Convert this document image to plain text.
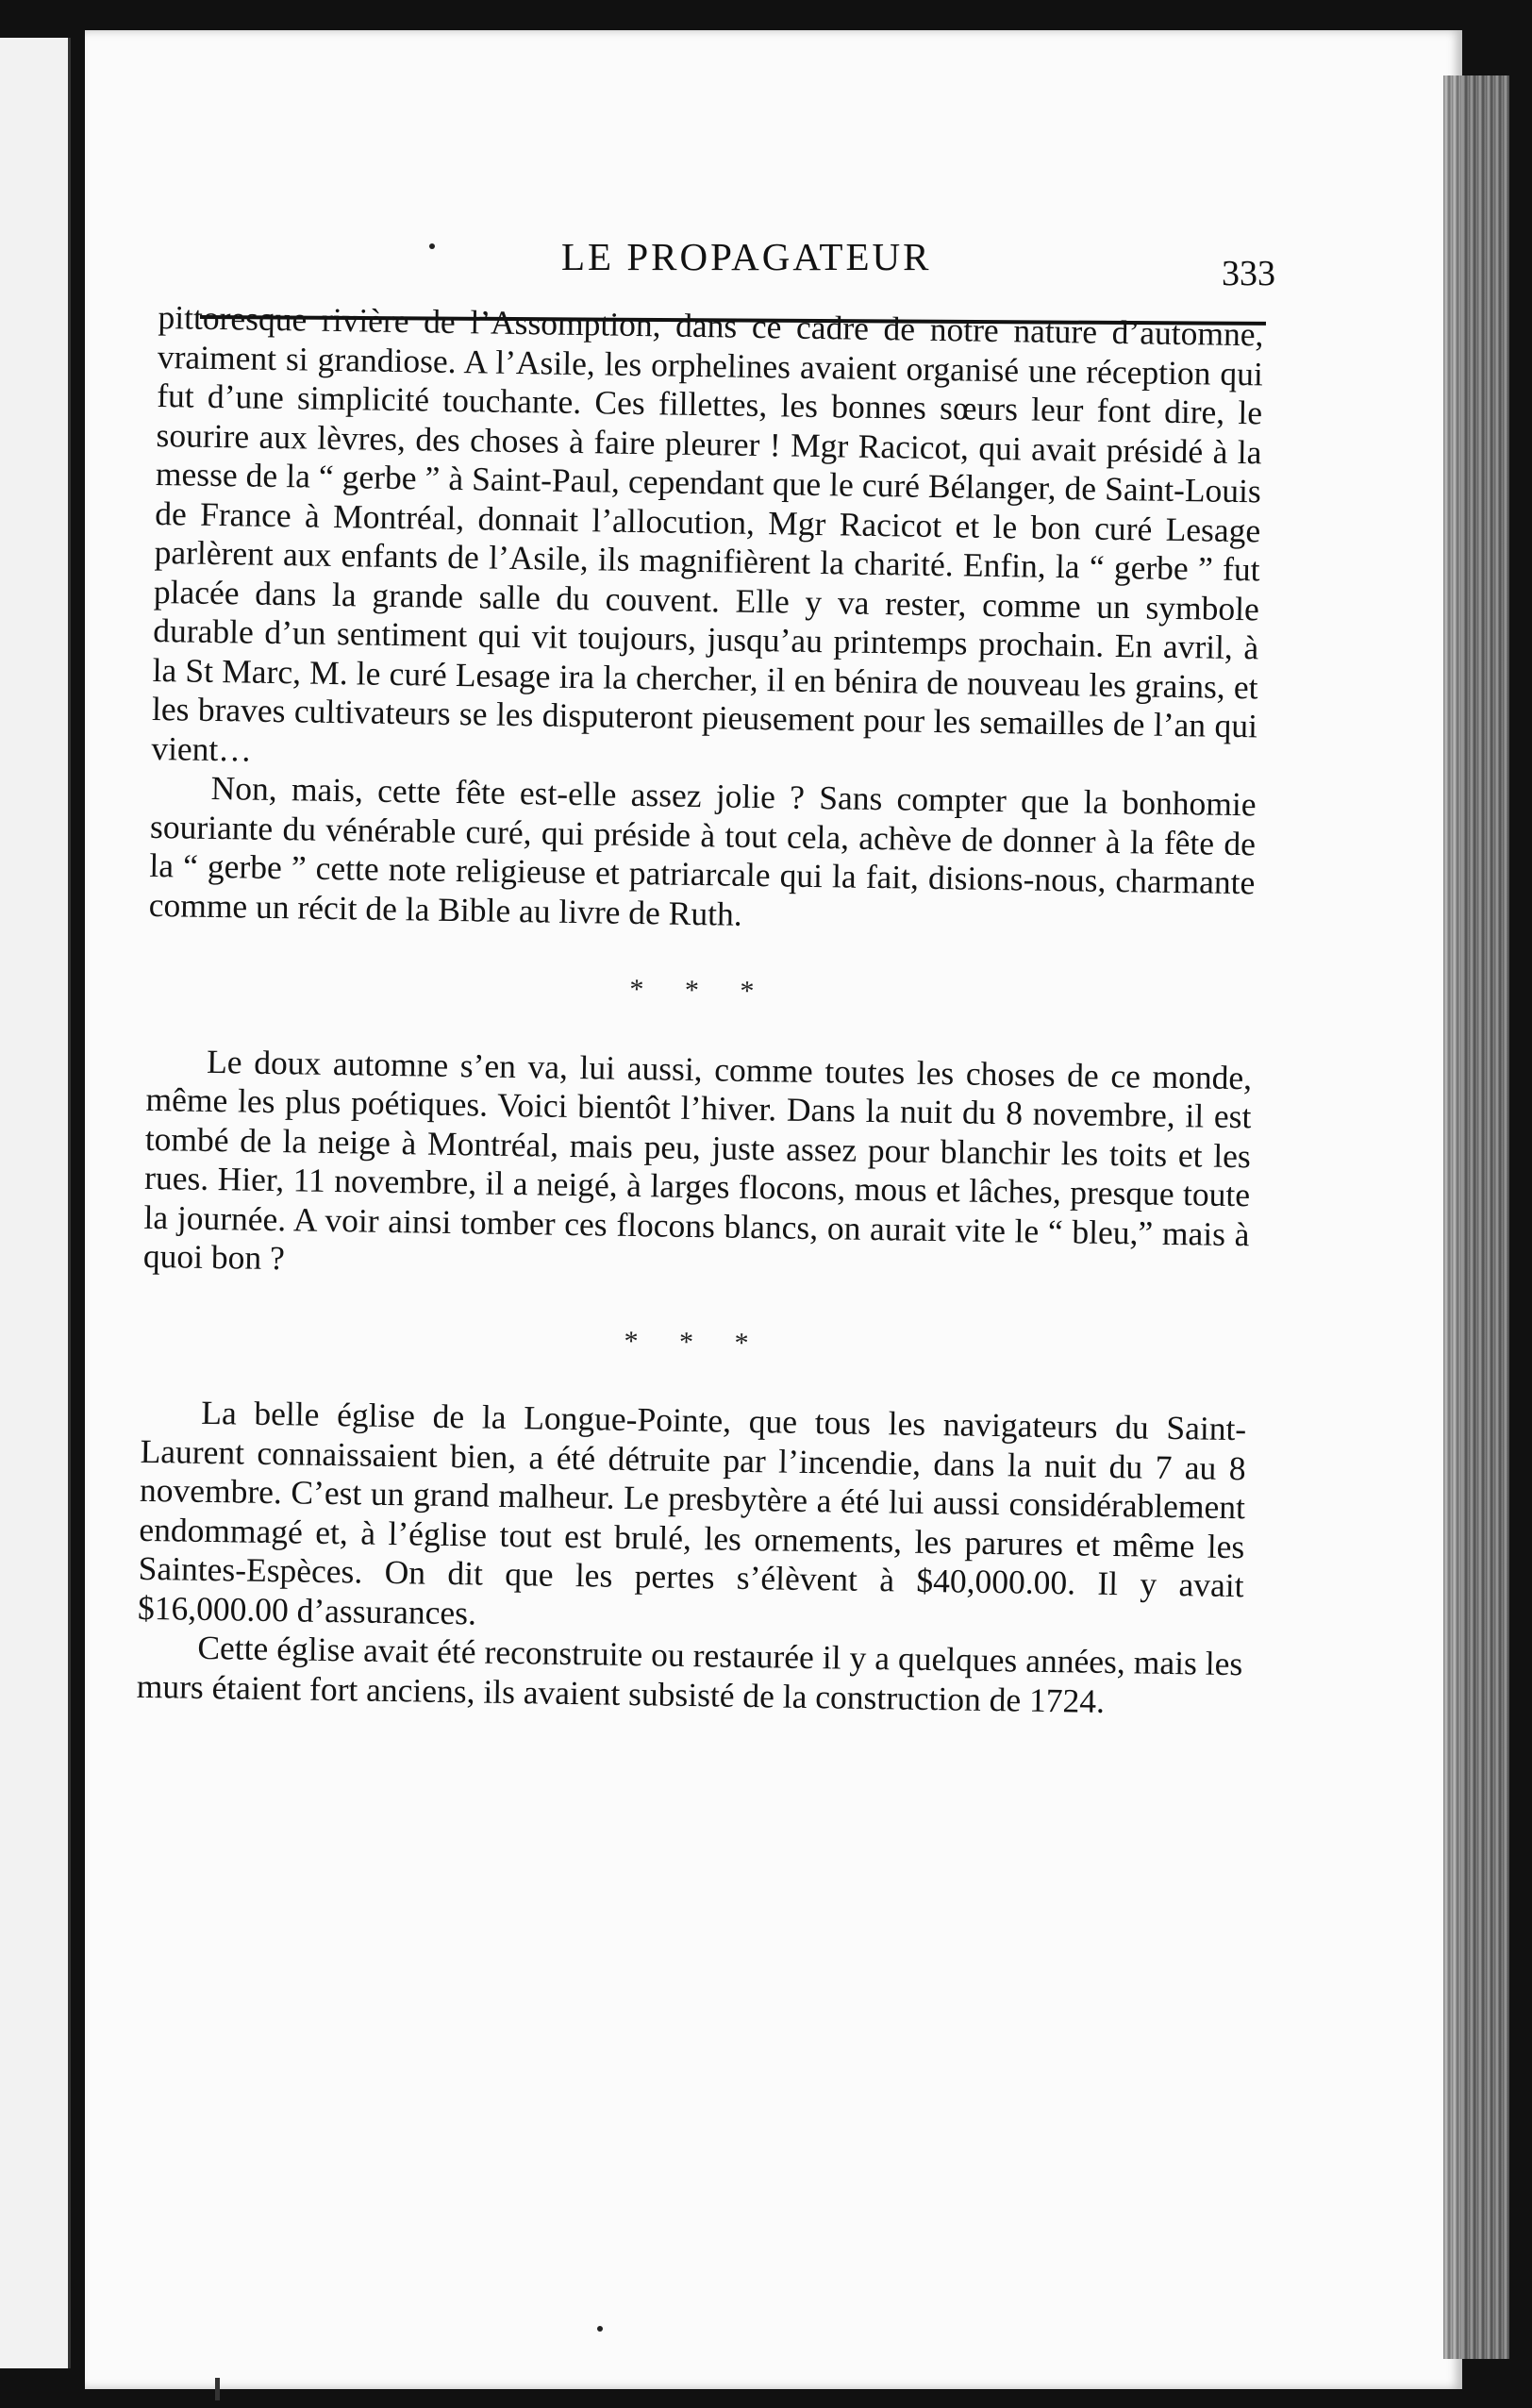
LE PROPAGATEUR	333

pittoresque rivière de l’Assomption, dans ce cadre de notre nature d’automne, vraiment si grandiose. A l’Asile, les orphelines avaient organisé une réception qui fut d’une simplicité touchante. Ces fillettes, les bonnes sœurs leur font dire, le sourire aux lèvres, des choses à faire pleurer ! Mgr Racicot, qui avait présidé à la messe de la “ gerbe ” à Saint-Paul, cependant que le curé Bélanger, de Saint-Louis de France à Montréal, donnait l’allocution, Mgr Racicot et le bon curé Lesage parlèrent aux enfants de l’Asile, ils magnifièrent la charité. Enfin, la “ gerbe ” fut placée dans la grande salle du couvent. Elle y va rester, comme un symbole durable d’un sentiment qui vit toujours, jusqu’au printemps prochain. En avril, à la St Marc, M. le curé Lesage ira la chercher, il en bénira de nouveau les grains, et les braves cultivateurs se les disputeront pieusement pour les semailles de l’an qui vient…

Non, mais, cette fête est-elle assez jolie ? Sans compter que la bonhomie souriante du vénérable curé, qui préside à tout cela, achève de donner à la fête de la “ gerbe ” cette note religieuse et patriarcale qui la fait, disions-nous, charmante comme un récit de la Bible au livre de Ruth.

* * *

Le doux automne s’en va, lui aussi, comme toutes les choses de ce monde, même les plus poétiques. Voici bientôt l’hiver. Dans la nuit du 8 novembre, il est tombé de la neige à Montréal, mais peu, juste assez pour blanchir les toits et les rues. Hier, 11 novembre, il a neigé, à larges flocons, mous et lâches, presque toute la journée. A voir ainsi tomber ces flocons blancs, on aurait vite le “ bleu,” mais à quoi bon ?

* * *

La belle église de la Longue-Pointe, que tous les navigateurs du Saint-Laurent connaissaient bien, a été détruite par l’incendie, dans la nuit du 7 au 8 novembre. C’est un grand malheur. Le presbytère a été lui aussi considérablement endommagé et, à l’église tout est brulé, les ornements, les parures et même les Saintes-Espèces. On dit que les pertes s’élèvent à $40,000.00. Il y avait $16,000.00 d’assurances.

Cette église avait été reconstruite ou restaurée il y a quelques années, mais les murs étaient fort anciens, ils avaient subsisté de la construction de 1724.
